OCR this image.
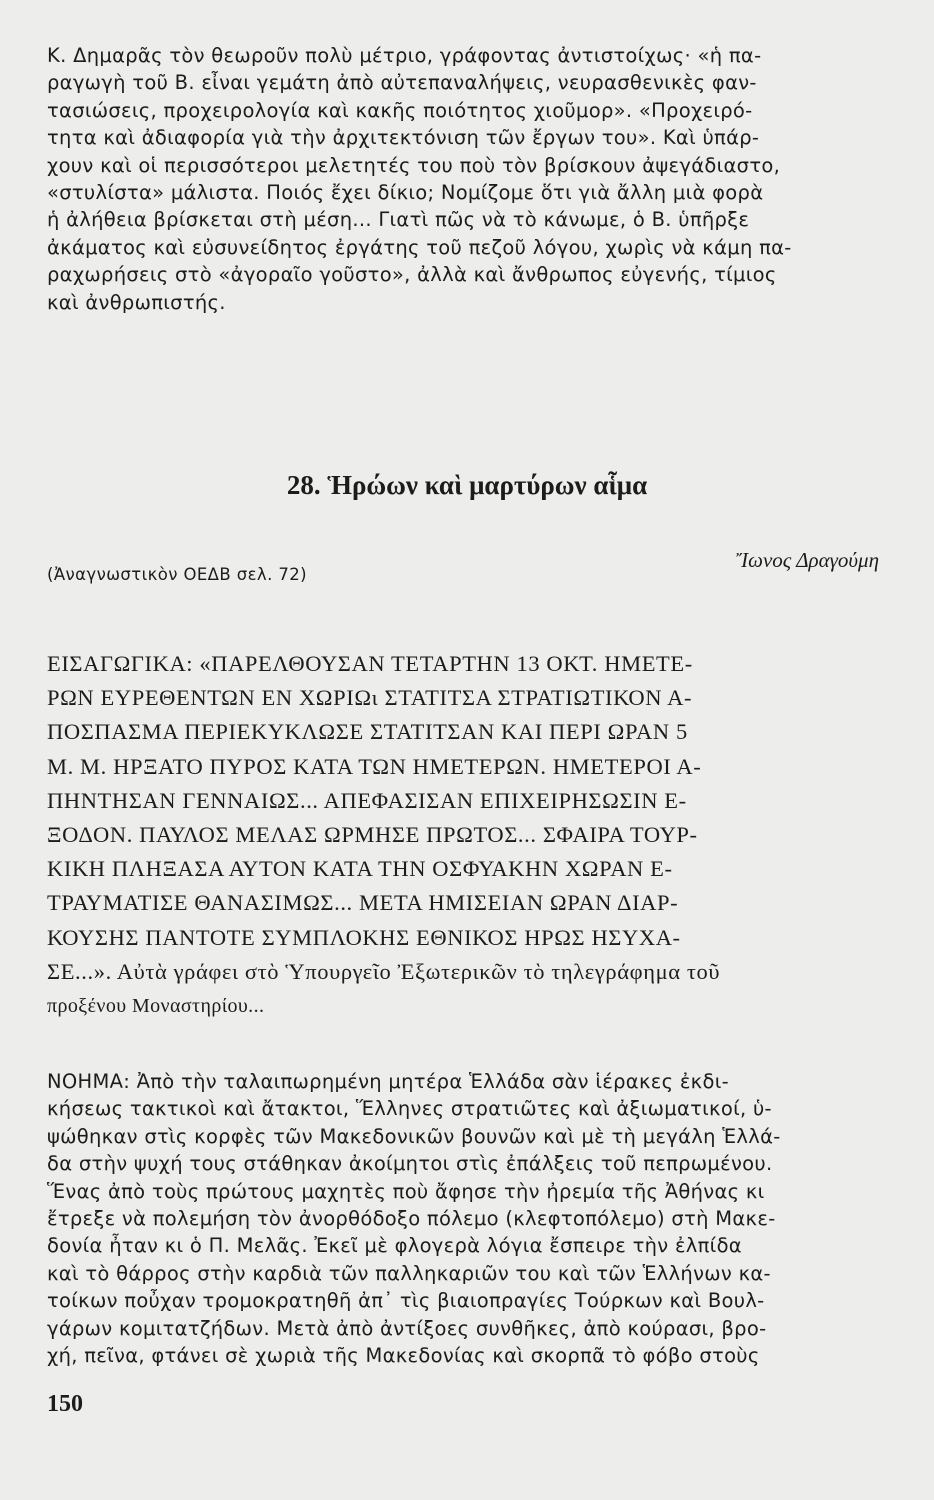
Κ. Δημαρᾶς τὸν θεωροῦν πολὺ μέτριο, γράφοντας ἀντιστοίχως· «ἡ πα-
ραγωγὴ τοῦ Β. εἶναι γεμάτη ἀπὸ αὐτεπαναλήψεις, νευρασθενικὲς φαν-
τασιώσεις, προχειρολογία καὶ κακῆς ποιότητος χιοῦμορ». «Προχειρό-
τητα καὶ ἀδιαφορία γιὰ τὴν ἀρχιτεκτόνιση τῶν ἔργων του». Καὶ ὑπάρ-
χουν καὶ οἱ περισσότεροι μελετητές του ποὺ τὸν βρίσκουν ἀψεγάδιαστο,
«στυλίστα» μάλιστα. Ποιός ἔχει δίκιο; Νομίζομε ὅτι γιὰ ἄλλη μιὰ φορὰ
ἡ ἀλήθεια βρίσκεται στὴ μέση... Γιατὶ πῶς νὰ τὸ κάνωμε, ὁ Β. ὑπῆρξε
ἀκάματος καὶ εὐσυνείδητος ἐργάτης τοῦ πεζοῦ λόγου, χωρὶς νὰ κάμη πα-
ραχωρήσεις στὸ «ἀγοραῖο γοῦστο», ἀλλὰ καὶ ἄνθρωπος εὐγενής, τίμιος
καὶ ἀνθρωπιστής.
28. Ἡρώων καὶ μαρτύρων αἷμα
Ἴωνος Δραγούμη
(Ἀναγνωστικὸν ΟΕΔΒ σελ. 72)
ΕΙΣΑΓΩΓΙΚΑ: «ΠΑΡΕΛΘΟΥΣΑΝ ΤΕΤΑΡΤΗΝ 13 ΟΚΤ. ΗΜΕΤΕ-
ΡΩΝ ΕΥΡΕΘΕΝΤΩΝ ΕΝ ΧΩΡΙΩι ΣΤΑΤΙΤΣΑ ΣΤΡΑΤΙΩΤΙΚΟΝ Α-
ΠΟΣΠΑΣΜΑ ΠΕΡΙΕΚΥΚΛΩΣΕ ΣΤΑΤΙΤΣΑΝ ΚΑΙ ΠΕΡΙ ΩΡΑΝ 5
Μ. Μ. ΗΡΞΑΤΟ ΠΥΡΟΣ ΚΑΤΑ ΤΩΝ ΗΜΕΤΕΡΩΝ. ΗΜΕΤΕΡΟΙ Α-
ΠΗΝΤΗΣΑΝ ΓΕΝΝΑΙΩΣ... ΑΠΕΦΑΣΙΣΑΝ ΕΠΙΧΕΙΡΗΣΩΣΙΝ Ε-
ΞΟΔΟΝ. ΠΑΥΛΟΣ ΜΕΛΑΣ ΩΡΜΗΣΕ ΠΡΩΤΟΣ... ΣΦΑΙΡΑ ΤΟΥΡ-
ΚΙΚΗ ΠΛΗΞΑΣΑ ΑΥΤΟΝ ΚΑΤΑ ΤΗΝ ΟΣΦΥΑΚΗΝ ΧΩΡΑΝ Ε-
ΤΡΑΥΜΑΤΙΣΕ ΘΑΝΑΣΙΜΩΣ... ΜΕΤΑ ΗΜΙΣΕΙΑΝ ΩΡΑΝ ΔΙΑΡ-
ΚΟΥΣΗΣ ΠΑΝΤΟΤΕ ΣΥΜΠΛΟΚΗΣ ΕΘΝΙΚΟΣ ΗΡΩΣ ΗΣΥΧΑ-
ΣΕ...». Αὐτὰ γράφει στὸ Ὑπουργεῖο Ἐξωτερικῶν τὸ τηλεγράφημα τοῦ
προξένου Μοναστηρίου...
ΝΟΗΜΑ: Ἀπὸ τὴν ταλαιπωρημένη μητέρα Ἑλλάδα σὰν ἱέρακες ἐκδι-
κήσεως τακτικοὶ καὶ ἄτακτοι, Ἕλληνες στρατιῶτες καὶ ἀξιωματικοί, ὑ-
ψώθηκαν στὶς κορφὲς τῶν Μακεδονικῶν βουνῶν καὶ μὲ τὴ μεγάλη Ἑλλά-
δα στὴν ψυχή τους στάθηκαν ἀκοίμητοι στὶς ἐπάλξεις τοῦ πεπρωμένου.
Ἕνας ἀπὸ τοὺς πρώτους μαχητὲς ποὺ ἄφησε τὴν ἠρεμία τῆς Ἀθήνας κι
ἔτρεξε νὰ πολεμήση τὸν ἀνορθόδοξο πόλεμο (κλεφτοπόλεμο) στὴ Μακε-
δονία ἦταν κι ὁ Π. Μελᾶς. Ἐκεῖ μὲ φλογερὰ λόγια ἔσπειρε τὴν ἐλπίδα
καὶ τὸ θάρρος στὴν καρδιὰ τῶν παλληκαριῶν του καὶ τῶν Ἑλλήνων κα-
τοίκων ποὖχαν τρομοκρατηθῆ ἀπ᾿ τὶς βιαιοπραγίες Τούρκων καὶ Βουλ-
γάρων κομιτατζήδων. Μετὰ ἀπὸ ἀντίξοες συνθῆκες, ἀπὸ κούρασι, βρο-
χή, πεῖνα, φτάνει σὲ χωριὰ τῆς Μακεδονίας καὶ σκορπᾶ τὸ φόβο στοὺς
150
